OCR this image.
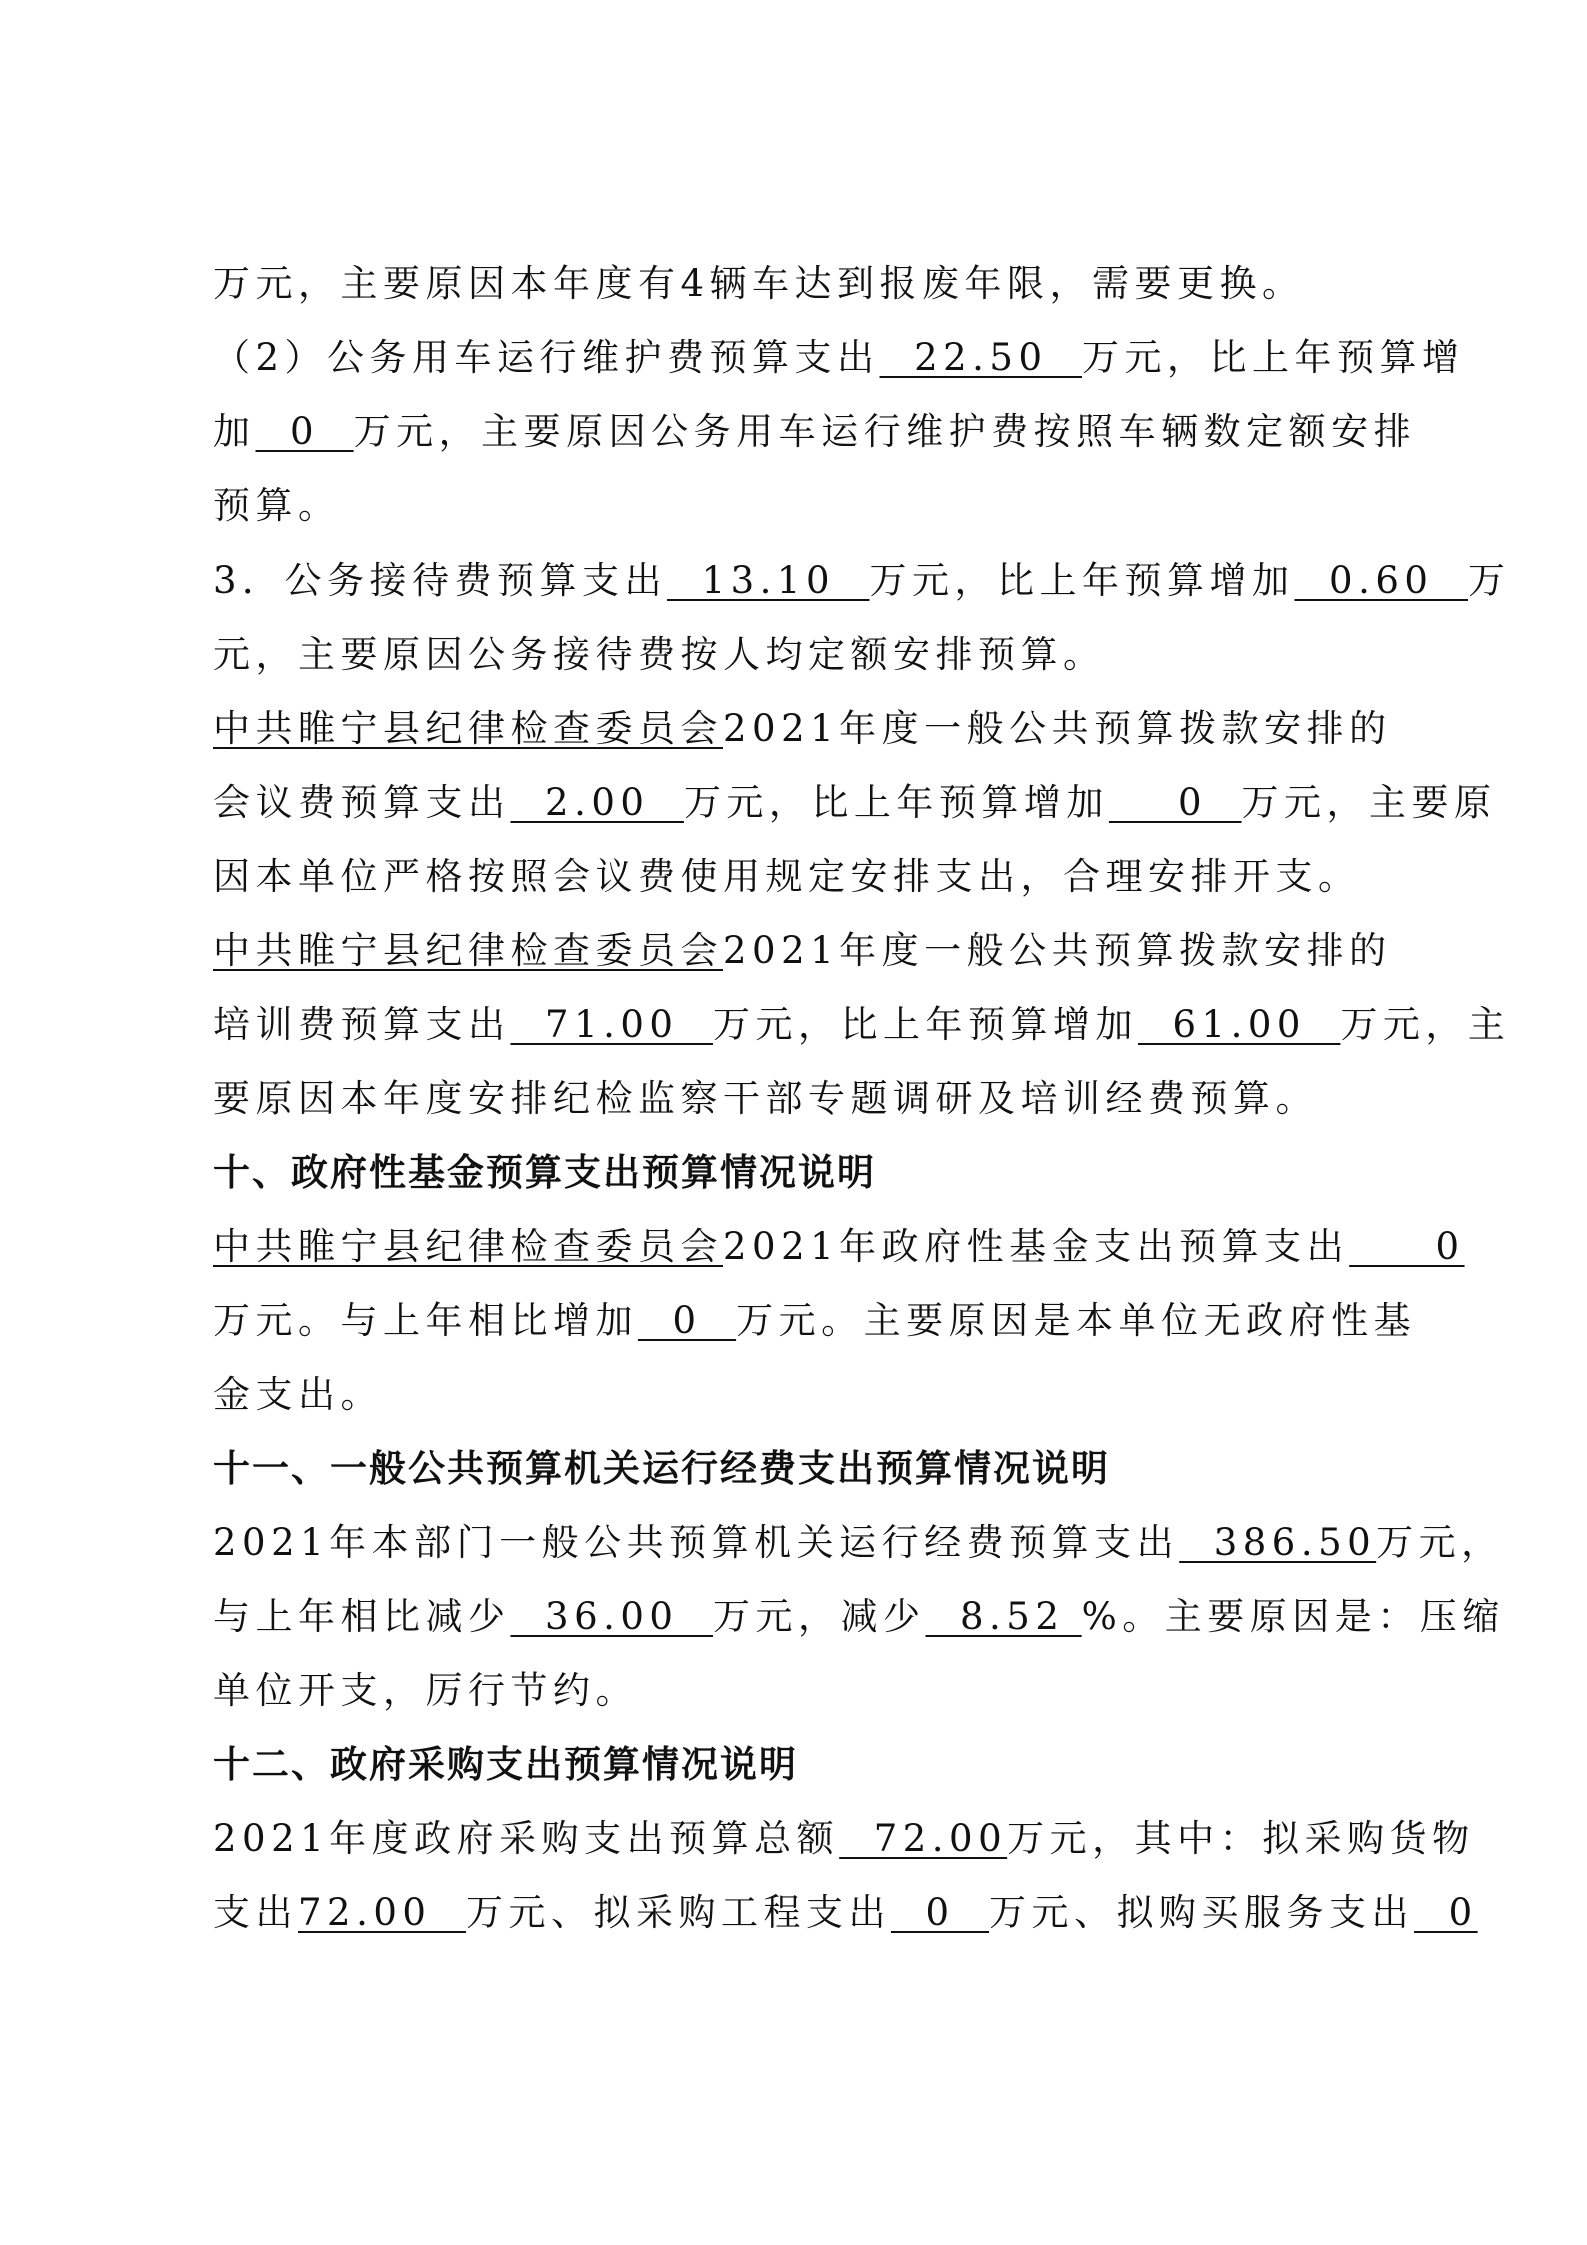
万元，主要原因本年度有4辆车达到报废年限，需要更换。
（2）公务用车运行维护费预算支出  22.50  万元，比上年预算增
加  0  万元，主要原因公务用车运行维护费按照车辆数定额安排
预算。
3．公务接待费预算支出  13.10  万元，比上年预算增加  0.60  万
元，主要原因公务接待费按人均定额安排预算。
中共睢宁县纪律检查委员会2021年度一般公共预算拨款安排的
会议费预算支出  2.00  万元，比上年预算增加    0  万元，主要原
因本单位严格按照会议费使用规定安排支出，合理安排开支。
中共睢宁县纪律检查委员会2021年度一般公共预算拨款安排的
培训费预算支出  71.00  万元，比上年预算增加  61.00  万元，主
要原因本年度安排纪检监察干部专题调研及培训经费预算。
十、政府性基金预算支出预算情况说明
中共睢宁县纪律检查委员会2021年政府性基金支出预算支出     0
万元。与上年相比增加  0  万元。主要原因是本单位无政府性基
金支出。
十一、一般公共预算机关运行经费支出预算情况说明
2021年本部门一般公共预算机关运行经费预算支出  386.50万元，
与上年相比减少  36.00  万元，减少  8.52 %。主要原因是：压缩
单位开支，厉行节约。
十二、政府采购支出预算情况说明
2021年度政府采购支出预算总额  72.00万元，其中：拟采购货物
支出72.00  万元、拟采购工程支出  0  万元、拟购买服务支出  0
